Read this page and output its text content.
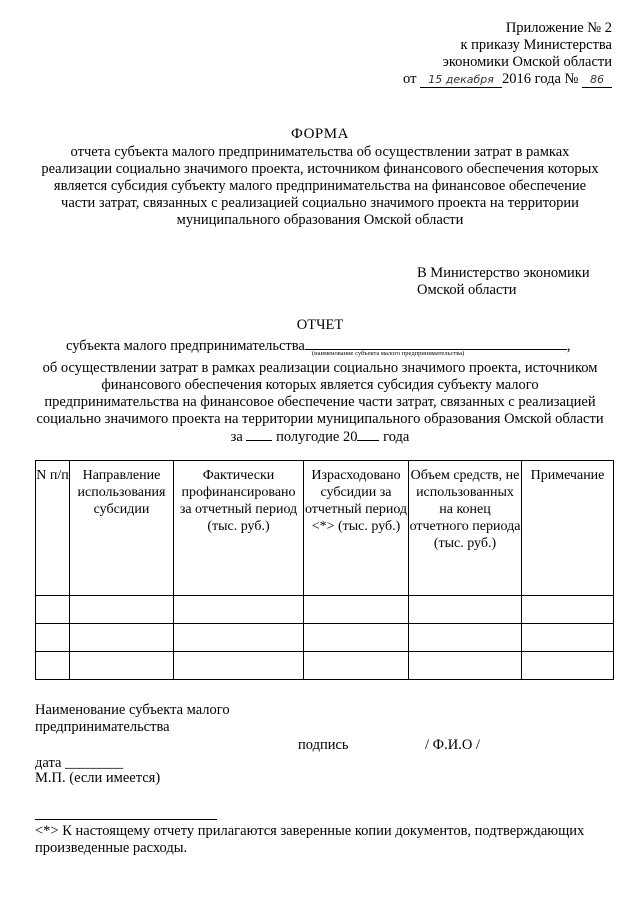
Приложение № 2
к приказу Министерства
экономики Омской области
от 15 декабря 2016 года № 86
ФОРМА
отчета субъекта малого предпринимательства об осуществлении затрат в рамках реализации социально значимого проекта, источником финансового обеспечения которых является субсидия субъекту малого предпринимательства на финансовое обеспечение части затрат, связанных с реализацией социально значимого проекта на территории муниципального образования Омской области
В Министерство экономики
Омской области
ОТЧЕТ
субъекта малого предпринимательства	,
(наименование субъекта малого предпринимательства)
об осуществлении затрат в рамках реализации социально значимого проекта, источником финансового обеспечения которых является субсидия субъекту малого предпринимательства на финансовое обеспечение части затрат, связанных с реализацией социально значимого проекта на территории муниципального образования Омской области за полугодие 20 года
N п/п	Направление использования субсидии	Фактически профинансировано за отчетный период (тыс. руб.)	Израсходовано субсидии за отчетный период <*> (тыс. руб.)	Объем средств, не использованных на конец отчетного периода (тыс. руб.)	Примечание

Наименование субъекта малого предпринимательства
подпись	/ Ф.И.О /
дата ________
М.П. (если имеется)
<*> К настоящему отчету прилагаются заверенные копии документов, подтверждающих произведенные расходы.
